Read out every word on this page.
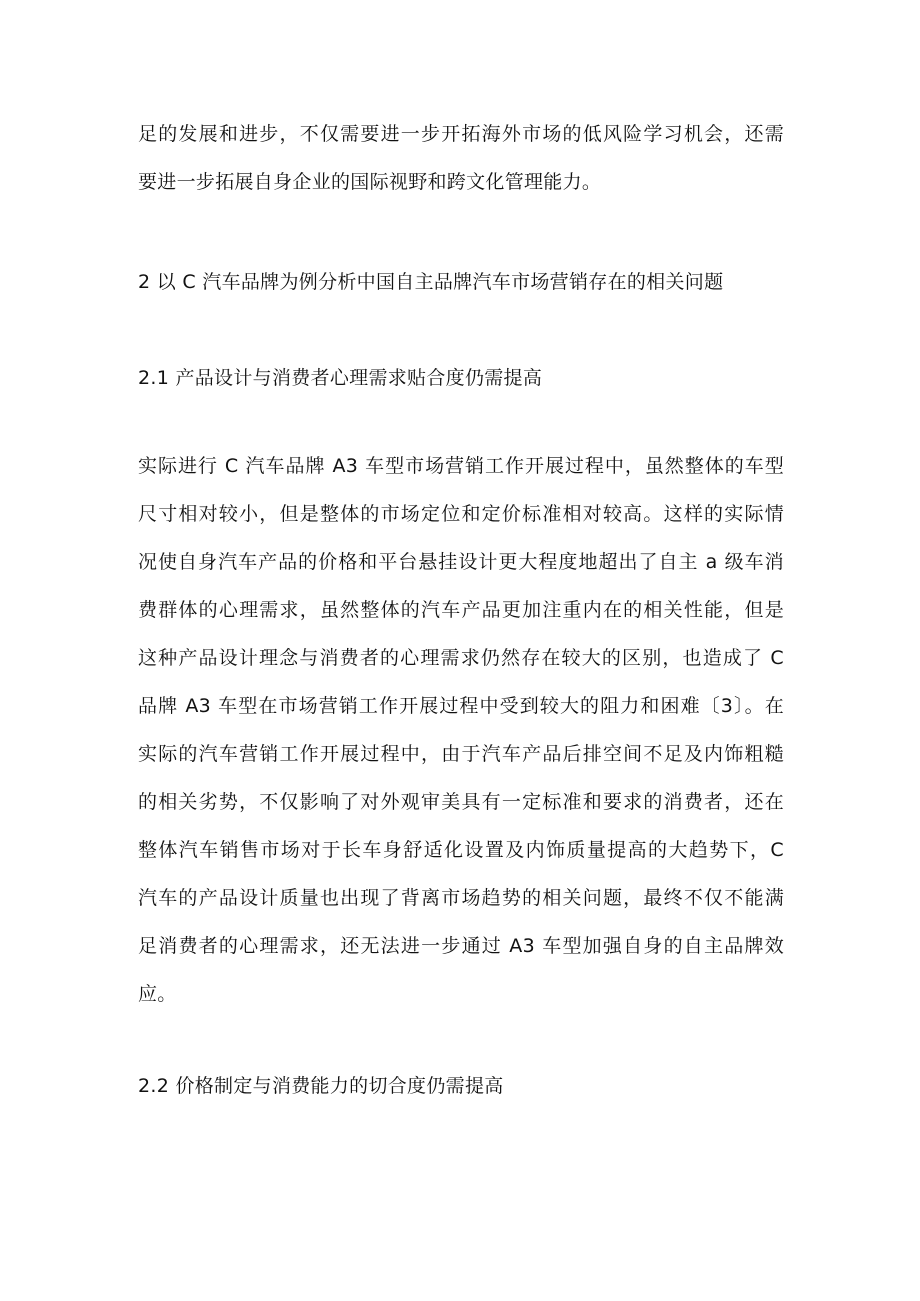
足的发展和进步，不仅需要进一步开拓海外市场的低风险学习机会，还需
要进一步拓展自身企业的国际视野和跨文化管理能力。
2 以 C 汽车品牌为例分析中国自主品牌汽车市场营销存在的相关问题
2.1 产品设计与消费者心理需求贴合度仍需提高
实际进行 C 汽车品牌 A3 车型市场营销工作开展过程中，虽然整体的车型
尺寸相对较小，但是整体的市场定位和定价标准相对较高。这样的实际情
况使自身汽车产品的价格和平台悬挂设计更大程度地超出了自主 a 级车消
费群体的心理需求，虽然整体的汽车产品更加注重内在的相关性能，但是
这种产品设计理念与消费者的心理需求仍然存在较大的区别，也造成了 C
品牌 A3 车型在市场营销工作开展过程中受到较大的阻力和困难〔3〕。在
实际的汽车营销工作开展过程中，由于汽车产品后排空间不足及内饰粗糙
的相关劣势，不仅影响了对外观审美具有一定标准和要求的消费者，还在
整体汽车销售市场对于长车身舒适化设置及内饰质量提高的大趋势下，C
汽车的产品设计质量也出现了背离市场趋势的相关问题，最终不仅不能满
足消费者的心理需求，还无法进一步通过 A3 车型加强自身的自主品牌效
应。
2.2 价格制定与消费能力的切合度仍需提高
